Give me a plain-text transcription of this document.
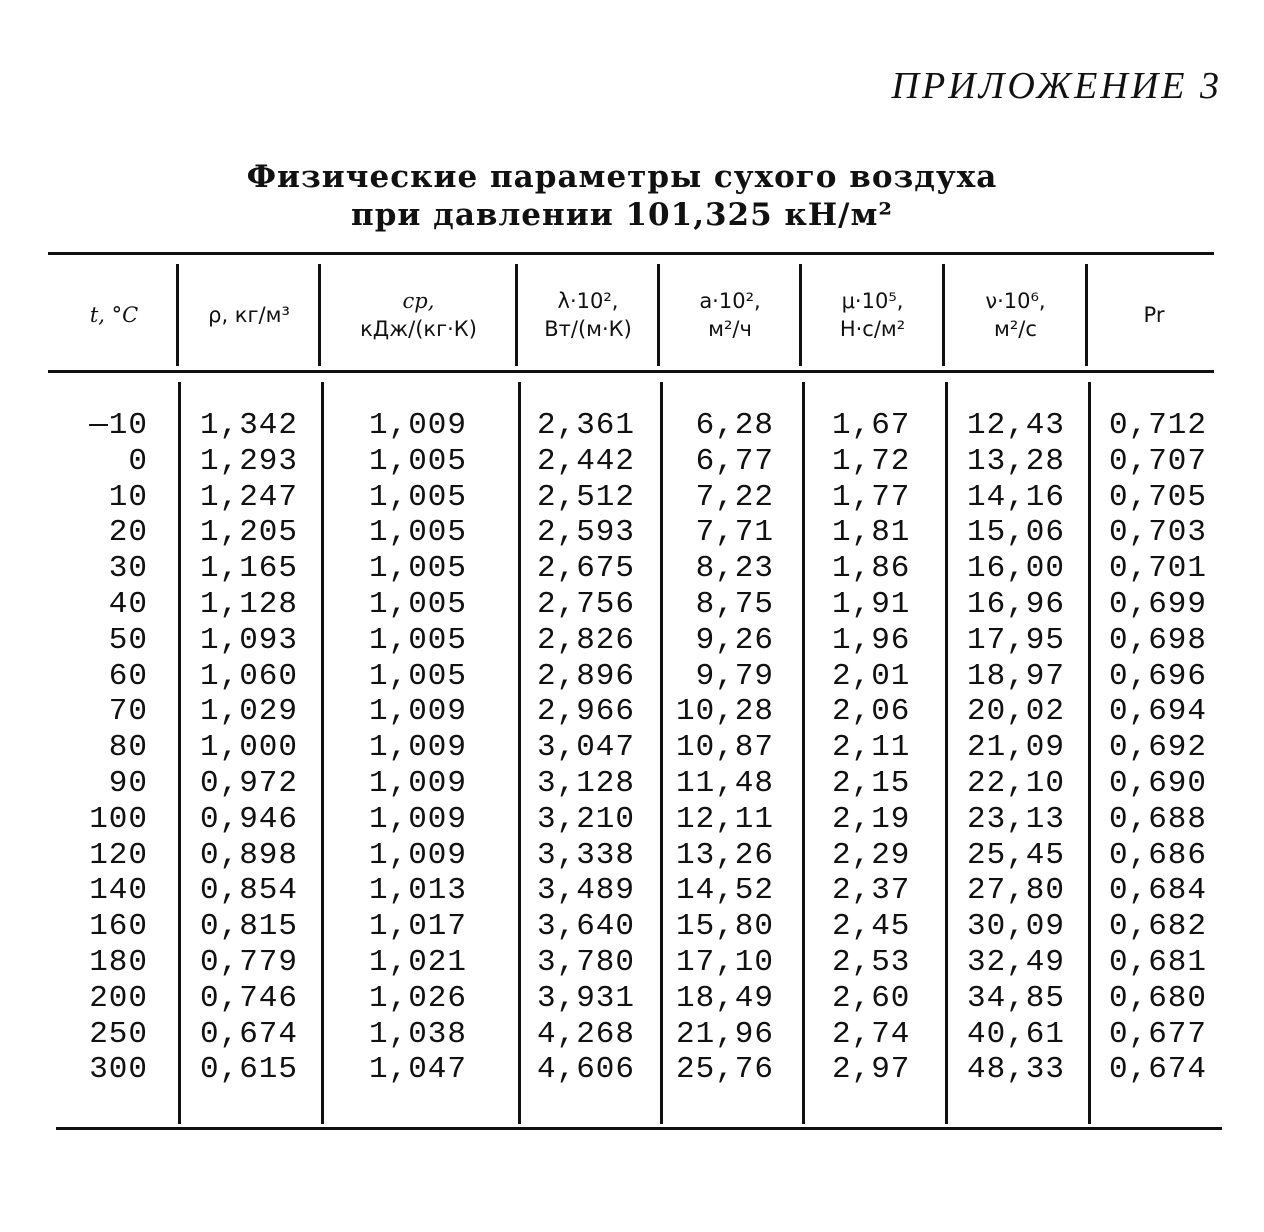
ПРИЛОЖЕНИЕ 3
Физические параметры сухого воздуха
при давлении 101,325 кН/м²
t, °C	ρ, кг/м³
cp,
кДж/(кг·К)
λ·10²,
Вт/(м·К)
a·10²,
м²/ч
μ·10⁵,
Н·с/м²
ν·10⁶,
м²/с
Pr
—10
0
10
20
30
40
50
60
70
80
90
100
120
140
160
180
200
250
300
1,342
1,293
1,247
1,205
1,165
1,128
1,093
1,060
1,029
1,000
0,972
0,946
0,898
0,854
0,815
0,779
0,746
0,674
0,615
1,009
1,005
1,005
1,005
1,005
1,005
1,005
1,005
1,009
1,009
1,009
1,009
1,009
1,013
1,017
1,021
1,026
1,038
1,047
2,361
2,442
2,512
2,593
2,675
2,756
2,826
2,896
2,966
3,047
3,128
3,210
3,338
3,489
3,640
3,780
3,931
4,268
4,606
6,28
6,77
7,22
7,71
8,23
8,75
9,26
9,79
10,28
10,87
11,48
12,11
13,26
14,52
15,80
17,10
18,49
21,96
25,76
1,67
1,72
1,77
1,81
1,86
1,91
1,96
2,01
2,06
2,11
2,15
2,19
2,29
2,37
2,45
2,53
2,60
2,74
2,97
12,43
13,28
14,16
15,06
16,00
16,96
17,95
18,97
20,02
21,09
22,10
23,13
25,45
27,80
30,09
32,49
34,85
40,61
48,33
0,712
0,707
0,705
0,703
0,701
0,699
0,698
0,696
0,694
0,692
0,690
0,688
0,686
0,684
0,682
0,681
0,680
0,677
0,674
